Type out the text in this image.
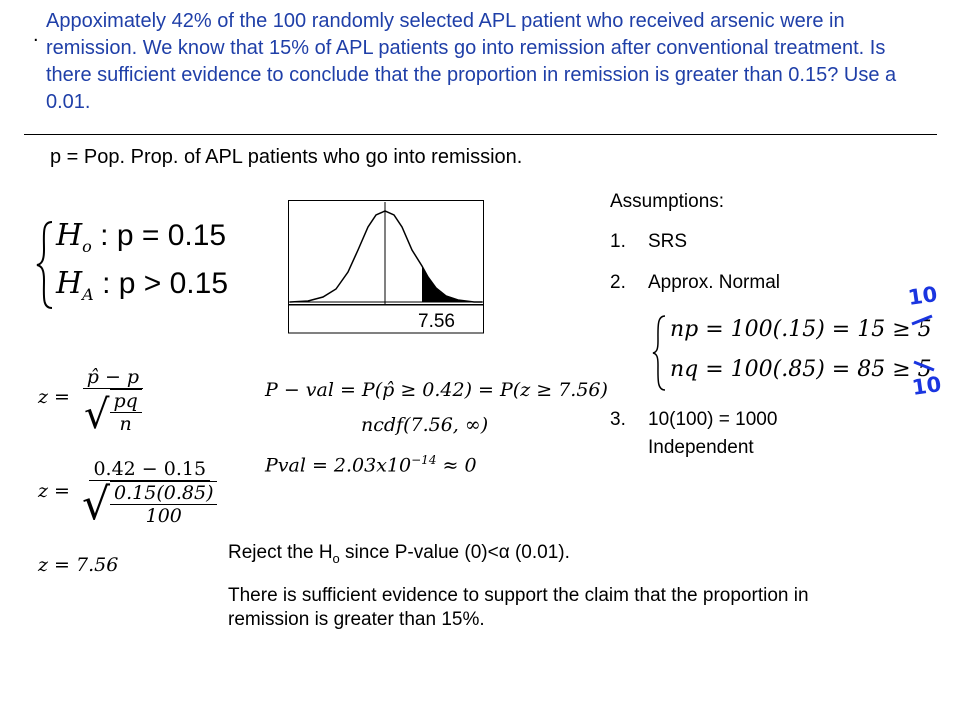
.

Appoximately 42% of the 100 randomly selected APL patient who received arsenic were in remission. We know that 15% of APL patients go into remission after conventional treatment. Is there sufficient evidence to conclude that the proportion in remission is greater than 0.15? Use a 0.01.

p = Pop. Prop. of APL patients who go into remission.
$H_o$ : p = 0.15
$H_A$ : p > 0.15
7.56
Assumptions:
1.	SRS
2.	Approx. Normal
np = 100(.15) = 15 ≥ 5
nq = 100(.85) = 85 ≥ 5
10
10
3.	10(100) = 1000
Independent
z =
p̂ − p
√ $\frac{pq}{n}$
$z = \frac{0.42 - 0.15}{√ \frac{0.15(0.85)}{100}}$
z = 7.56
P − val = P(p̂ ≥ 0.42) = P(z ≥ 7.56)
ncdf(7.56, ∞)
Pval = $2.03x10^{-14} \approx 0$

Reject the $H_o$ since P-value (0)<α (0.01).

There is sufficient evidence to support the claim that the proportion in remission is greater than 15%.
